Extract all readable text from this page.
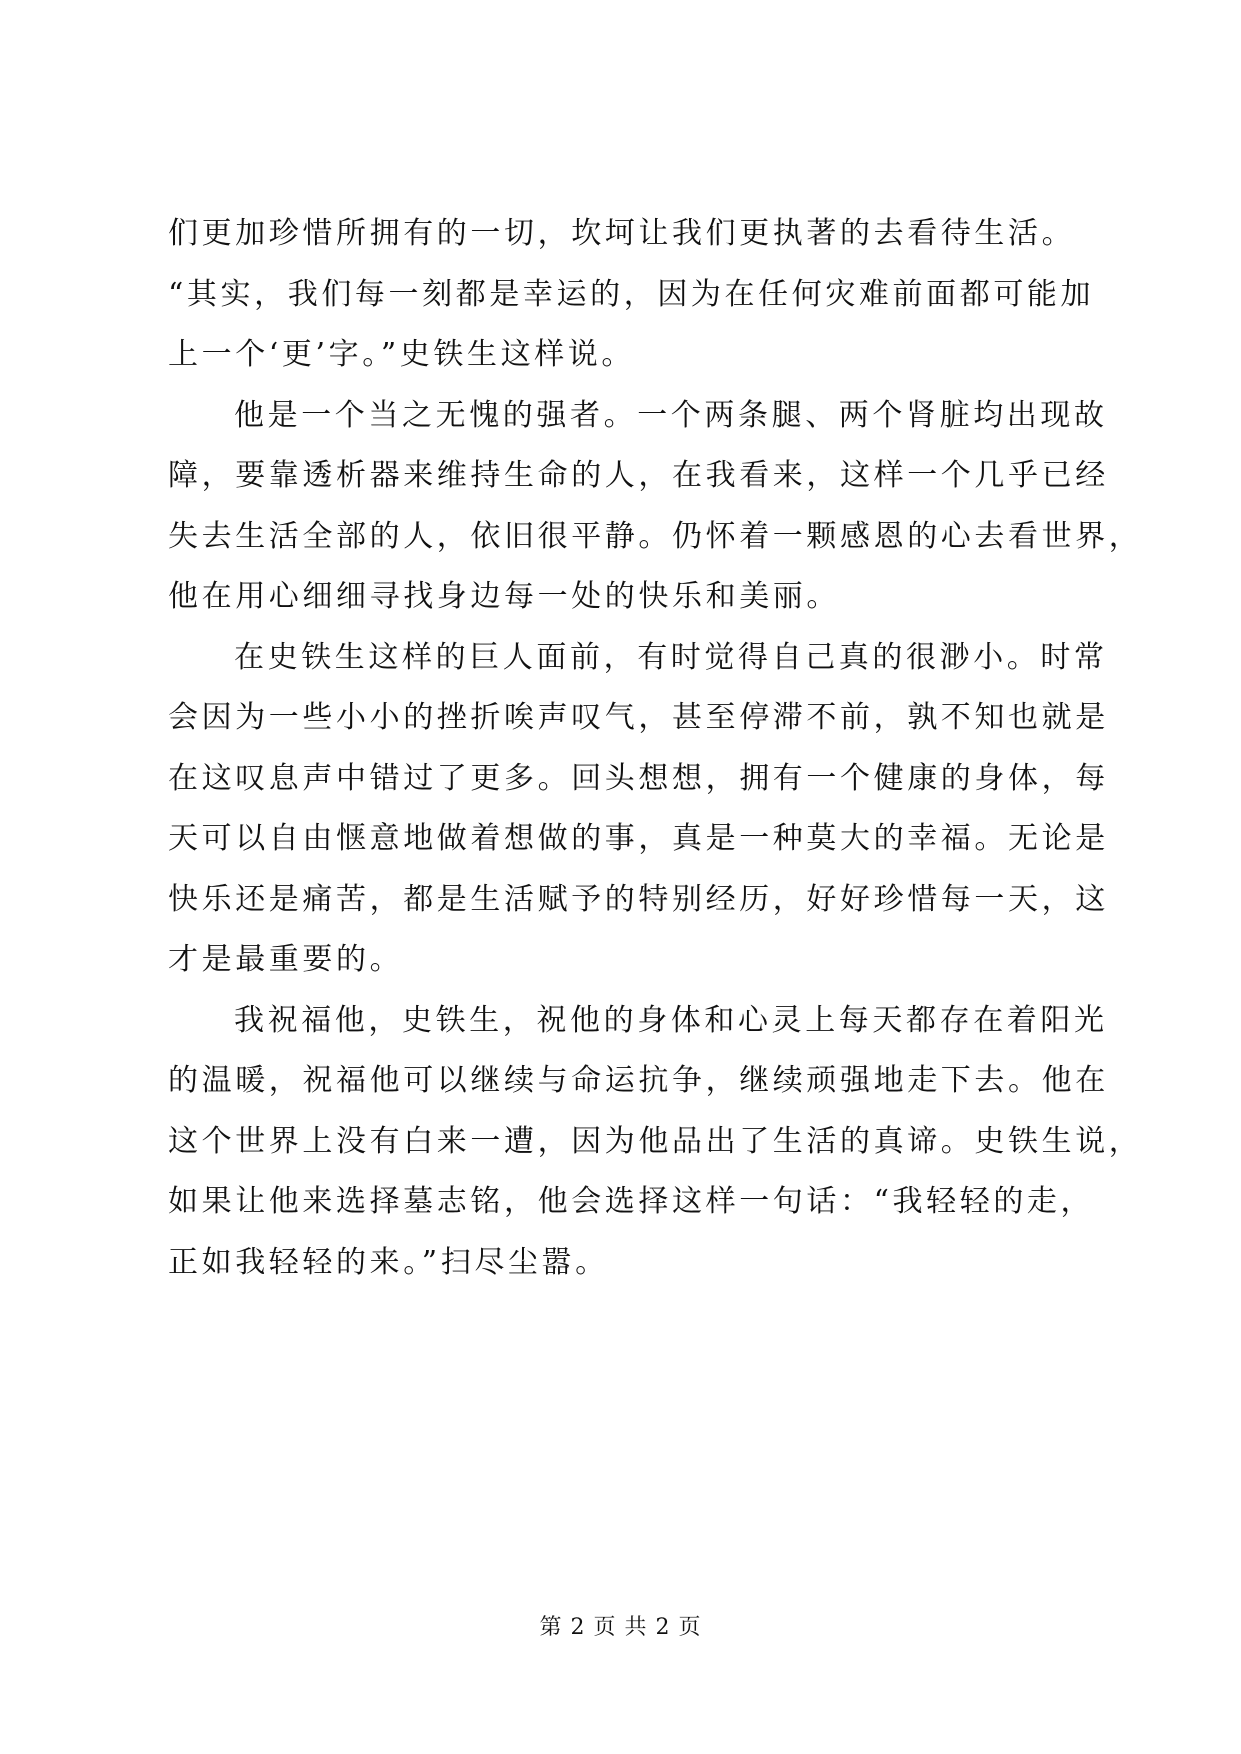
们更加珍惜所拥有的一切，坎坷让我们更执著的去看待生活。
“其实，我们每一刻都是幸运的，因为在任何灾难前面都可能加
上一个‘更’字。”史铁生这样说。
他是一个当之无愧的强者。一个两条腿、两个肾脏均出现故
障，要靠透析器来维持生命的人，在我看来，这样一个几乎已经
失去生活全部的人，依旧很平静。仍怀着一颗感恩的心去看世界，
他在用心细细寻找身边每一处的快乐和美丽。
在史铁生这样的巨人面前，有时觉得自己真的很渺小。时常
会因为一些小小的挫折唉声叹气，甚至停滞不前，孰不知也就是
在这叹息声中错过了更多。回头想想，拥有一个健康的身体，每
天可以自由惬意地做着想做的事，真是一种莫大的幸福。无论是
快乐还是痛苦，都是生活赋予的特别经历，好好珍惜每一天，这
才是最重要的。
我祝福他，史铁生，祝他的身体和心灵上每天都存在着阳光
的温暖，祝福他可以继续与命运抗争，继续顽强地走下去。他在
这个世界上没有白来一遭，因为他品出了生活的真谛。史铁生说，
如果让他来选择墓志铭，他会选择这样一句话：“我轻轻的走，
正如我轻轻的来。”扫尽尘嚣。
第 2 页 共 2 页
